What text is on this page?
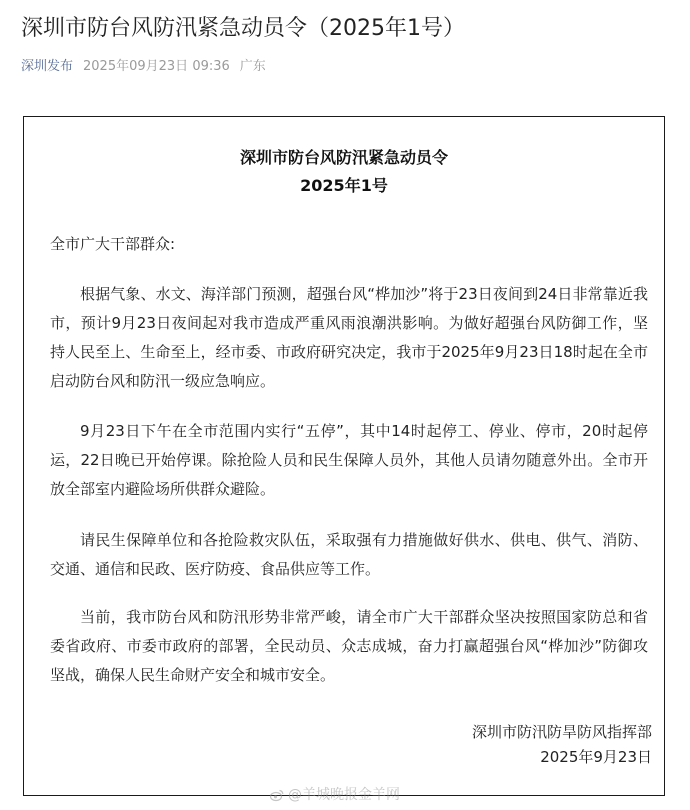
深圳市防台风防汛紧急动员令（2025年1号）
深圳发布 2025年09月23日 09:36 广东
深圳市防台风防汛紧急动员令
2025年1号
全市广大干部群众:
根据气象、水文、海洋部门预测，超强台风“桦加沙”将于23日夜间到24日非常靠近我市，预计9月23日夜间起对我市造成严重风雨浪潮洪影响。为做好超强台风防御工作，坚持人民至上、生命至上，经市委、市政府研究决定，我市于2025年9月23日18时起在全市启动防台风和防汛一级应急响应。
9月23日下午在全市范围内实行“五停”，其中14时起停工、停业、停市，20时起停运，22日晚已开始停课。除抢险人员和民生保障人员外，其他人员请勿随意外出。全市开放全部室内避险场所供群众避险。
请民生保障单位和各抢险救灾队伍，采取强有力措施做好供水、供电、供气、消防、交通、通信和民政、医疗防疫、食品供应等工作。
当前，我市防台风和防汛形势非常严峻，请全市广大干部群众坚决按照国家防总和省委省政府、市委市政府的部署，全民动员、众志成城，奋力打赢超强台风“桦加沙”防御攻坚战，确保人民生命财产安全和城市安全。
深圳市防汛防旱防风指挥部
2025年9月23日
@羊城晚报金羊网
